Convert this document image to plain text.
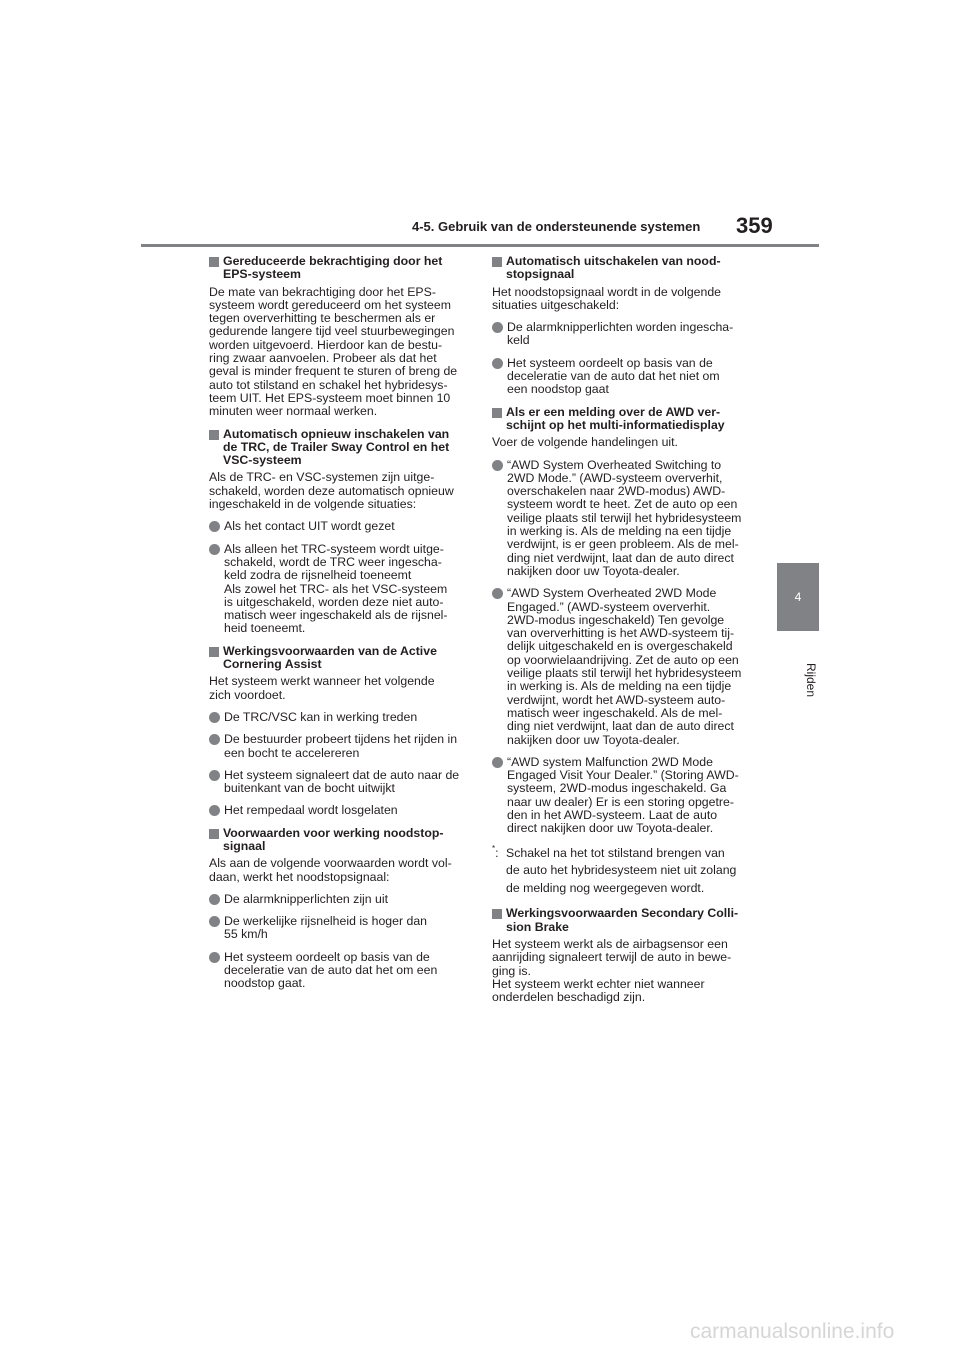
4-5. Gebruik van de ondersteunende systemen 359
4
Rijden
Gereduceerde bekrachtiging door het
EPS-systeem
De mate van bekrachtiging door het EPS-
systeem wordt gereduceerd om het systeem
tegen oververhitting te beschermen als er
gedurende langere tijd veel stuurbewegingen
worden uitgevoerd. Hierdoor kan de bestu-
ring zwaar aanvoelen. Probeer als dat het
geval is minder frequent te sturen of breng de
auto tot stilstand en schakel het hybridesys-
teem UIT. Het EPS-systeem moet binnen 10
minuten weer normaal werken.
Automatisch opnieuw inschakelen van
de TRC, de Trailer Sway Control en het
VSC-systeem
Als de TRC- en VSC-systemen zijn uitge-
schakeld, worden deze automatisch opnieuw
ingeschakeld in de volgende situaties:
Als het contact UIT wordt gezet
Als alleen het TRC-systeem wordt uitge-
schakeld, wordt de TRC weer ingescha-
keld zodra de rijsnelheid toeneemt
Als zowel het TRC- als het VSC-systeem
is uitgeschakeld, worden deze niet auto-
matisch weer ingeschakeld als de rijsnel-
heid toeneemt.
Werkingsvoorwaarden van de Active
Cornering Assist
Het systeem werkt wanneer het volgende
zich voordoet.
De TRC/VSC kan in werking treden
De bestuurder probeert tijdens het rijden in
een bocht te accelereren
Het systeem signaleert dat de auto naar de
buitenkant van de bocht uitwijkt
Het rempedaal wordt losgelaten
Voorwaarden voor werking noodstop-
signaal
Als aan de volgende voorwaarden wordt vol-
daan, werkt het noodstopsignaal:
De alarmknipperlichten zijn uit
De werkelijke rijsnelheid is hoger dan
55 km/h
Het systeem oordeelt op basis van de
deceleratie van de auto dat het om een
noodstop gaat.
Automatisch uitschakelen van nood-
stopsignaal
Het noodstopsignaal wordt in de volgende
situaties uitgeschakeld:
De alarmknipperlichten worden ingescha-
keld
Het systeem oordeelt op basis van de
deceleratie van de auto dat het niet om
een noodstop gaat
Als er een melding over de AWD ver-
schijnt op het multi-informatiedisplay
Voer de volgende handelingen uit.
“AWD System Overheated Switching to
2WD Mode.” (AWD-systeem oververhit,
overschakelen naar 2WD-modus) AWD-
systeem wordt te heet. Zet de auto op een
veilige plaats stil terwijl het hybridesysteem
in werking is. Als de melding na een tijdje
verdwijnt, is er geen probleem. Als de mel-
ding niet verdwijnt, laat dan de auto direct
nakijken door uw Toyota-dealer.
“AWD System Overheated 2WD Mode
Engaged.” (AWD-systeem oververhit.
2WD-modus ingeschakeld) Ten gevolge
van oververhitting is het AWD-systeem tij-
delijk uitgeschakeld en is overgeschakeld
op voorwielaandrijving. Zet de auto op een
veilige plaats stil terwijl het hybridesysteem
in werking is. Als de melding na een tijdje
verdwijnt, wordt het AWD-systeem auto-
matisch weer ingeschakeld. Als de mel-
ding niet verdwijnt, laat dan de auto direct
nakijken door uw Toyota-dealer.
“AWD system Malfunction 2WD Mode
Engaged Visit Your Dealer.” (Storing AWD-
systeem, 2WD-modus ingeschakeld. Ga
naar uw dealer) Er is een storing opgetre-
den in het AWD-systeem. Laat de auto
direct nakijken door uw Toyota-dealer.
*: Schakel na het tot stilstand brengen van
de auto het hybridesysteem niet uit zolang
de melding nog weergegeven wordt.
Werkingsvoorwaarden Secondary Colli-
sion Brake
Het systeem werkt als de airbagsensor een
aanrijding signaleert terwijl de auto in bewe-
ging is.
Het systeem werkt echter niet wanneer
onderdelen beschadigd zijn.
carmanualsonline.info
